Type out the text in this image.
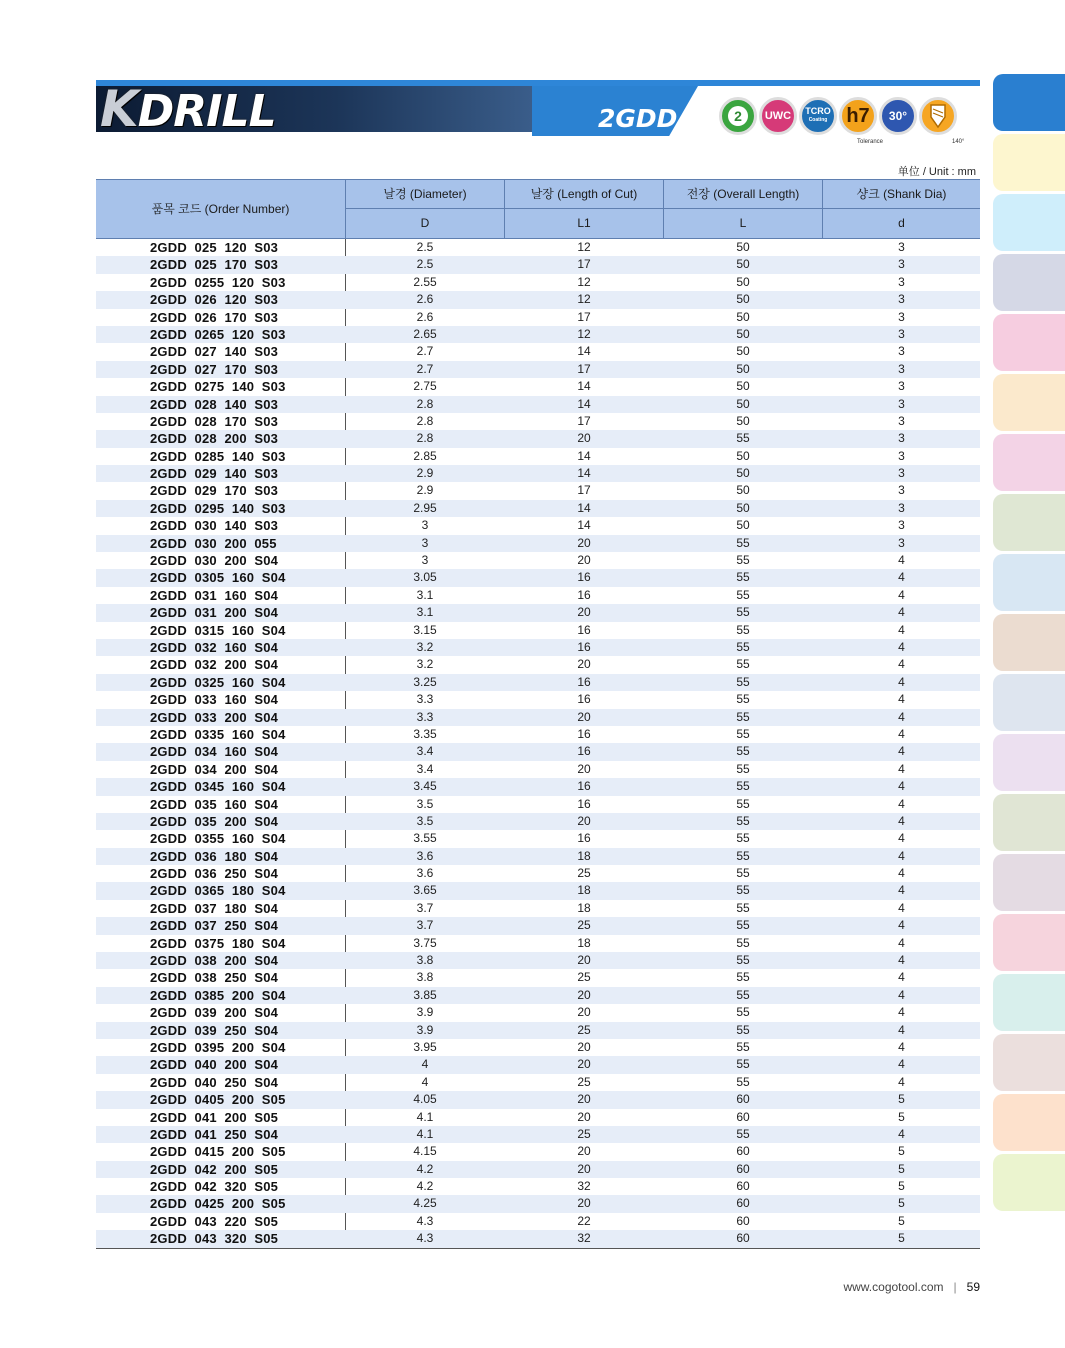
KDRILL	2GDD	2	UWC	TCRO
Coating h7	30°
Tolerance	140°
单位 / Unit : mm
품목 코드 (Order Number)
날경 (Diameter)	날장 (Length of Cut)	전장 (Overall Length)	샹크 (Shank Dia)
D	L1	L	d
2GDD  025  120  S03	2.5	12	50	3
2GDD  025  170  S03	2.5	17	50	3
2GDD  0255  120  S03	2.55	12	50	3
2GDD  026  120  S03	2.6	12	50	3
2GDD  026  170  S03	2.6	17	50	3
2GDD  0265  120  S03	2.65	12	50	3
2GDD  027  140  S03	2.7	14	50	3
2GDD  027  170  S03	2.7	17	50	3
2GDD  0275  140  S03	2.75	14	50	3
2GDD  028  140  S03	2.8	14	50	3
2GDD  028  170  S03	2.8	17	50	3
2GDD  028  200  S03	2.8	20	55	3
2GDD  0285  140  S03	2.85	14	50	3
2GDD  029  140  S03	2.9	14	50	3
2GDD  029  170  S03	2.9	17	50	3
2GDD  0295  140  S03	2.95	14	50	3
2GDD  030  140  S03	3	14	50	3
2GDD  030  200  055	3	20	55	3
2GDD  030  200  S04	3	20	55	4
2GDD  0305  160  S04	3.05	16	55	4
2GDD  031  160  S04	3.1	16	55	4
2GDD  031  200  S04	3.1	20	55	4
2GDD  0315  160  S04	3.15	16	55	4
2GDD  032  160  S04	3.2	16	55	4
2GDD  032  200  S04	3.2	20	55	4
2GDD  0325  160  S04	3.25	16	55	4
2GDD  033  160  S04	3.3	16	55	4
2GDD  033  200  S04	3.3	20	55	4
2GDD  0335  160  S04	3.35	16	55	4
2GDD  034  160  S04	3.4	16	55	4
2GDD  034  200  S04	3.4	20	55	4
2GDD  0345  160  S04	3.45	16	55	4
2GDD  035  160  S04	3.5	16	55	4
2GDD  035  200  S04	3.5	20	55	4
2GDD  0355  160  S04	3.55	16	55	4
2GDD  036  180  S04	3.6	18	55	4
2GDD  036  250  S04	3.6	25	55	4
2GDD  0365  180  S04	3.65	18	55	4
2GDD  037  180  S04	3.7	18	55	4
2GDD  037  250  S04	3.7	25	55	4
2GDD  0375  180  S04	3.75	18	55	4
2GDD  038  200  S04	3.8	20	55	4
2GDD  038  250  S04	3.8	25	55	4
2GDD  0385  200  S04	3.85	20	55	4
2GDD  039  200  S04	3.9	20	55	4
2GDD  039  250  S04	3.9	25	55	4
2GDD  0395  200  S04	3.95	20	55	4
2GDD  040  200  S04	4	20	55	4
2GDD  040  250  S04	4	25	55	4
2GDD  0405  200  S05	4.05	20	60	5
2GDD  041  200  S05	4.1	20	60	5
2GDD  041  250  S04	4.1	25	55	4
2GDD  0415  200  S05	4.15	20	60	5
2GDD  042  200  S05	4.2	20	60	5
2GDD  042  320  S05	4.2	32	60	5
2GDD  0425  200  S05	4.25	20	60	5
2GDD  043  220  S05	4.3	22	60	5
2GDD  043  320  S05	4.3	32	60	5
www.cogotool.com | 59
